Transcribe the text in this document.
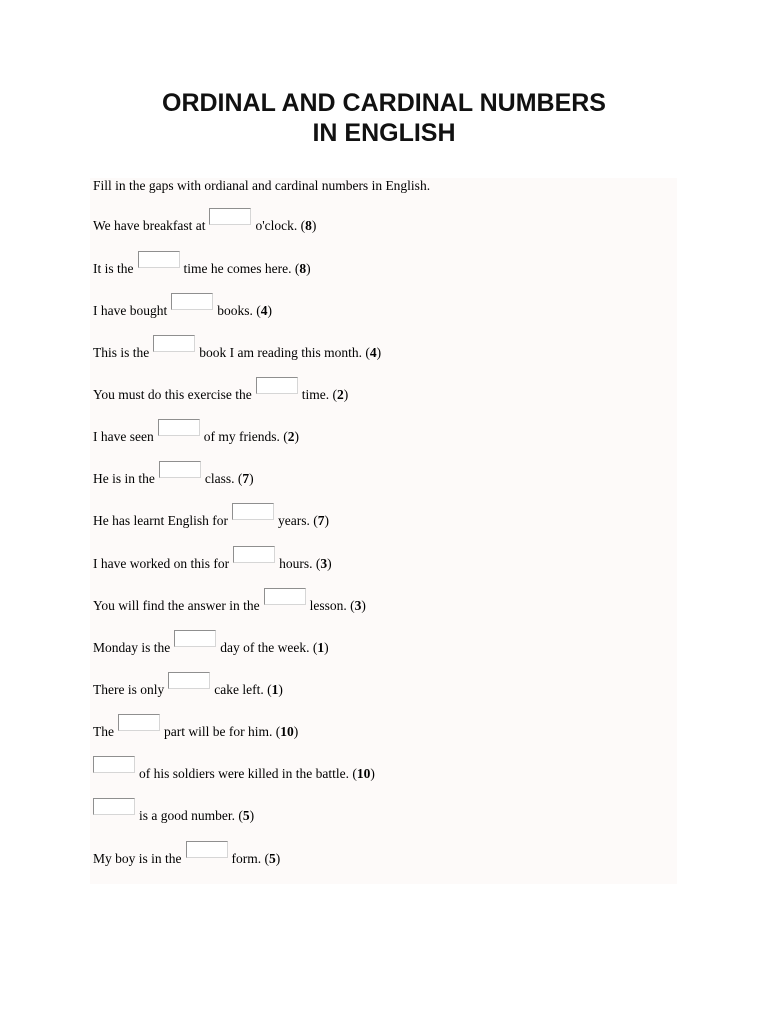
ORDINAL AND CARDINAL NUMBERS
IN ENGLISH
Fill in the gaps with ordianal and cardinal numbers in English.
We have breakfast at	o'clock. ( 8 )
It is the	time he comes here. ( 8 )
I have bought	books. ( 4 )
This is the	book I am reading this month. ( 4 )
You must do this exercise the	time. ( 2 )
I have seen	of my friends. ( 2 )
He is in the	class. ( 7 )
He has learnt English for	years. ( 7 )
I have worked on this for	hours. ( 3 )
You will find the answer in the	lesson. ( 3 )
Monday is the	day of the week. ( 1 )
There is only	cake left. ( 1 )
The	part will be for him. ( 10 )
of his soldiers were killed in the battle. ( 10 )
is a good number. ( 5 )
My boy is in the	form. ( 5 )
